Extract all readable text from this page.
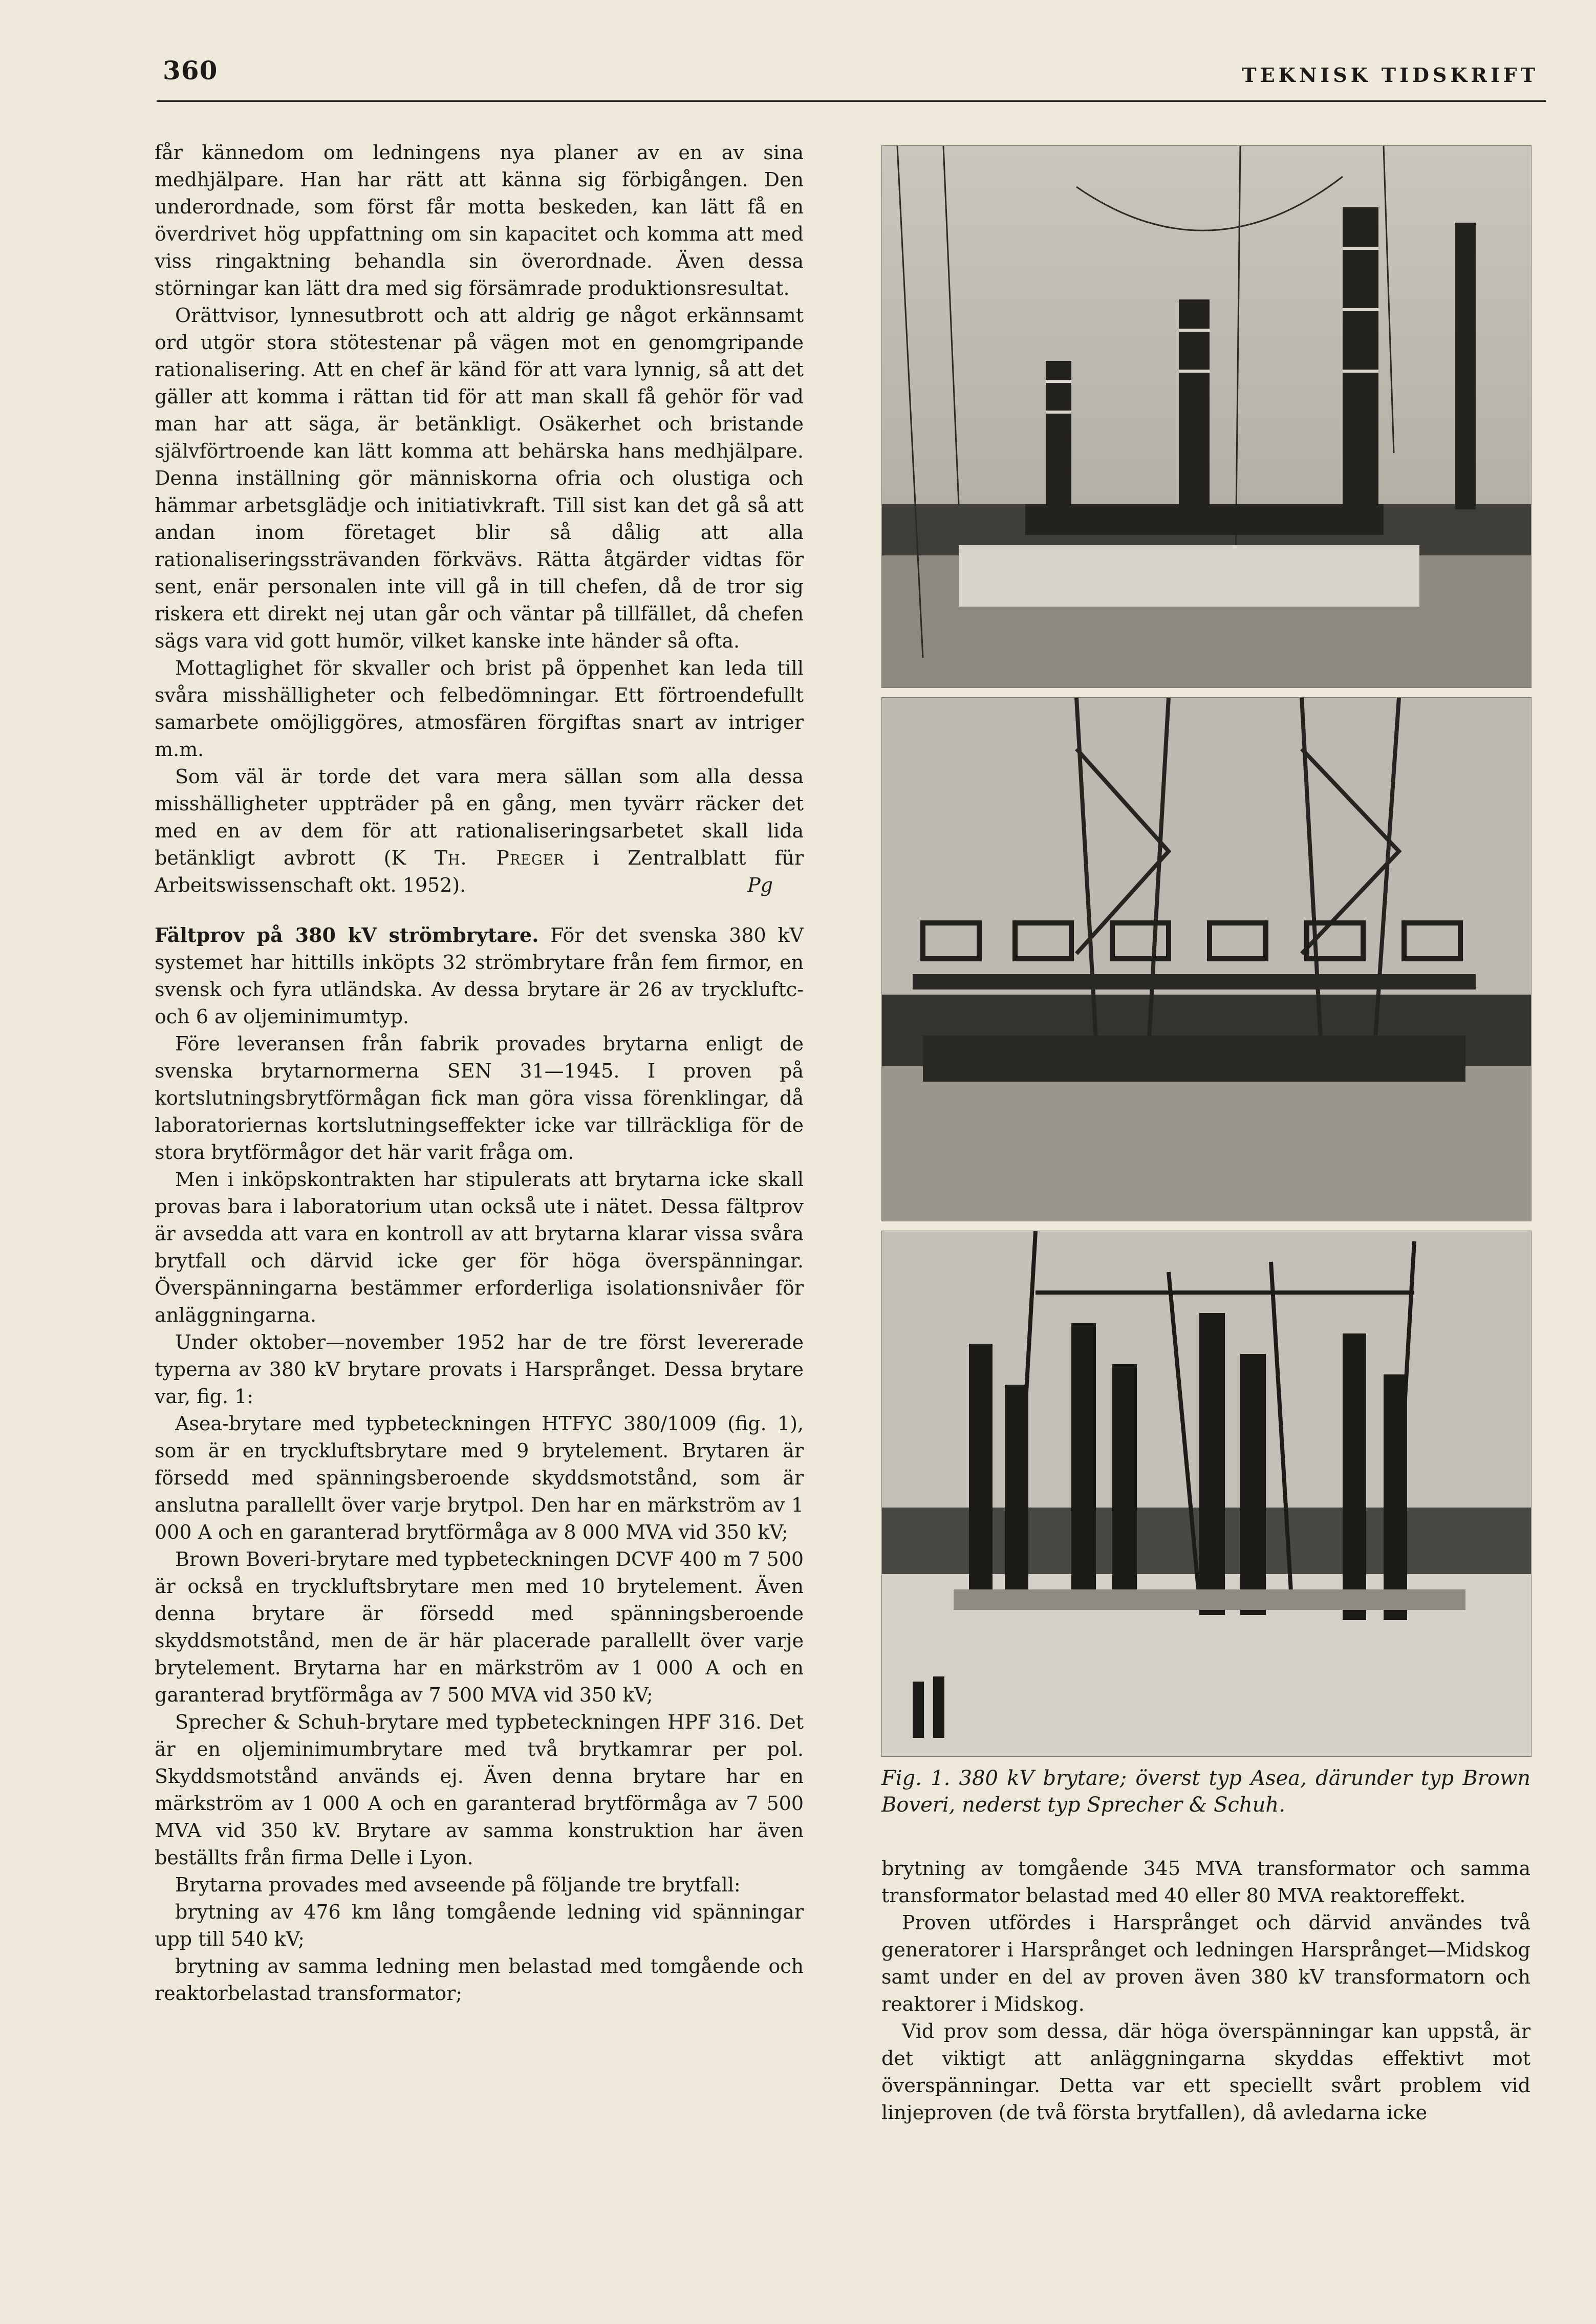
360	TEKNISK TIDSKRIFT

får kännedom om ledningens nya planer av en av sina medhjälpare. Han har rätt att känna sig förbigången. Den underordnade, som först får motta beskeden, kan lätt få en överdrivet hög uppfattning om sin kapacitet och komma att med viss ringaktning behandla sin överordnade. Även dessa störningar kan lätt dra med sig försämrade produktionsresultat.

Orättvisor, lynnesutbrott och att aldrig ge något erkännsamt ord utgör stora stötestenar på vägen mot en genomgripande rationalisering. Att en chef är känd för att vara lynnig, så att det gäller att komma i rättan tid för att man skall få gehör för vad man har att säga, är betänkligt. Osäkerhet och bristande självförtroende kan lätt komma att behärska hans medhjälpare. Denna inställning gör människorna ofria och olustiga och hämmar arbetsglädje och initiativkraft. Till sist kan det gå så att andan inom företaget blir så dålig att alla rationaliseringssträvanden förkvävs. Rätta åtgärder vidtas för sent, enär personalen inte vill gå in till chefen, då de tror sig riskera ett direkt nej utan går och väntar på tillfället, då chefen sägs vara vid gott humör, vilket kanske inte händer så ofta.

Mottaglighet för skvaller och brist på öppenhet kan leda till svåra misshälligheter och felbedömningar. Ett förtroendefullt samarbete omöjliggöres, atmosfären förgiftas snart av intriger m.m.

Som väl är torde det vara mera sällan som alla dessa misshälligheter uppträder på en gång, men tyvärr räcker det med en av dem för att rationaliseringsarbetet skall lida betänkligt avbrott (K Th. Preger i Zentralblatt für Arbeitswissenschaft okt. 1952).	Pg

Fältprov på 380 kV strömbrytare. För det svenska 380 kV systemet har hittills inköpts 32 strömbrytare från fem firmor, en svensk och fyra utländska. Av dessa brytare är 26 av tryckluftс- och 6 av oljeminimumtyp.

Före leveransen från fabrik provades brytarna enligt de svenska brytarnormerna SEN 31—1945. I proven på kortslutningsbrytförmågan fick man göra vissa förenklingar, då laboratoriernas kortslutningseffekter icke var tillräckliga för de stora brytförmågor det här varit fråga om.

Men i inköpskontrakten har stipulerats att brytarna icke skall provas bara i laboratorium utan också ute i nätet. Dessa fältprov är avsedda att vara en kontroll av att brytarna klarar vissa svåra brytfall och därvid icke ger för höga överspänningar. Överspänningarna bestämmer erforderliga isolationsnivåer för anläggningarna.

Under oktober—november 1952 har de tre först levererade typerna av 380 kV brytare provats i Harsprånget. Dessa brytare var, fig. 1:

Asea-brytare med typbeteckningen HTFYC 380/1009 (fig. 1), som är en tryckluftsbrytare med 9 brytelement. Brytaren är försedd med spänningsberoende skyddsmotstånd, som är anslutna parallellt över varje brytpol. Den har en märkström av 1 000 A och en garanterad brytförmåga av 8 000 MVA vid 350 kV;

Brown Boveri-brytare med typbeteckningen DCVF 400 m 7 500 är också en tryckluftsbrytare men med 10 brytelement. Även denna brytare är försedd med spänningsberoende skyddsmotstånd, men de är här placerade parallellt över varje brytelement. Brytarna har en märkström av 1 000 A och en garanterad brytförmåga av 7 500 MVA vid 350 kV;

Sprecher & Schuh-brytare med typbeteckningen HPF 316. Det är en oljeminimumbrytare med två brytkamrar per pol. Skyddsmotstånd används ej. Även denna brytare har en märkström av 1 000 A och en garanterad brytförmåga av 7 500 MVA vid 350 kV. Brytare av samma konstruktion har även beställts från firma Delle i Lyon.

Brytarna provades med avseende på följande tre brytfall:

brytning av 476 km lång tomgående ledning vid spänningar upp till 540 kV;

brytning av samma ledning men belastad med tomgående och reaktorbelastad transformator;

Fig. 1. 380 kV brytare; överst typ Asea, därunder typ Brown Boveri, nederst typ Sprecher & Schuh.

brytning av tomgående 345 MVA transformator och samma transformator belastad med 40 eller 80 MVA reaktoreffekt.

Proven utfördes i Harsprånget och därvid användes två generatorer i Harsprånget och ledningen Harsprånget—Midskog samt under en del av proven även 380 kV transformatorn och reaktorer i Midskog.

Vid prov som dessa, där höga överspänningar kan uppstå, är det viktigt att anläggningarna skyddas effektivt mot överspänningar. Detta var ett speciellt svårt problem vid linjeproven (de två första brytfallen), då avledarna icke
